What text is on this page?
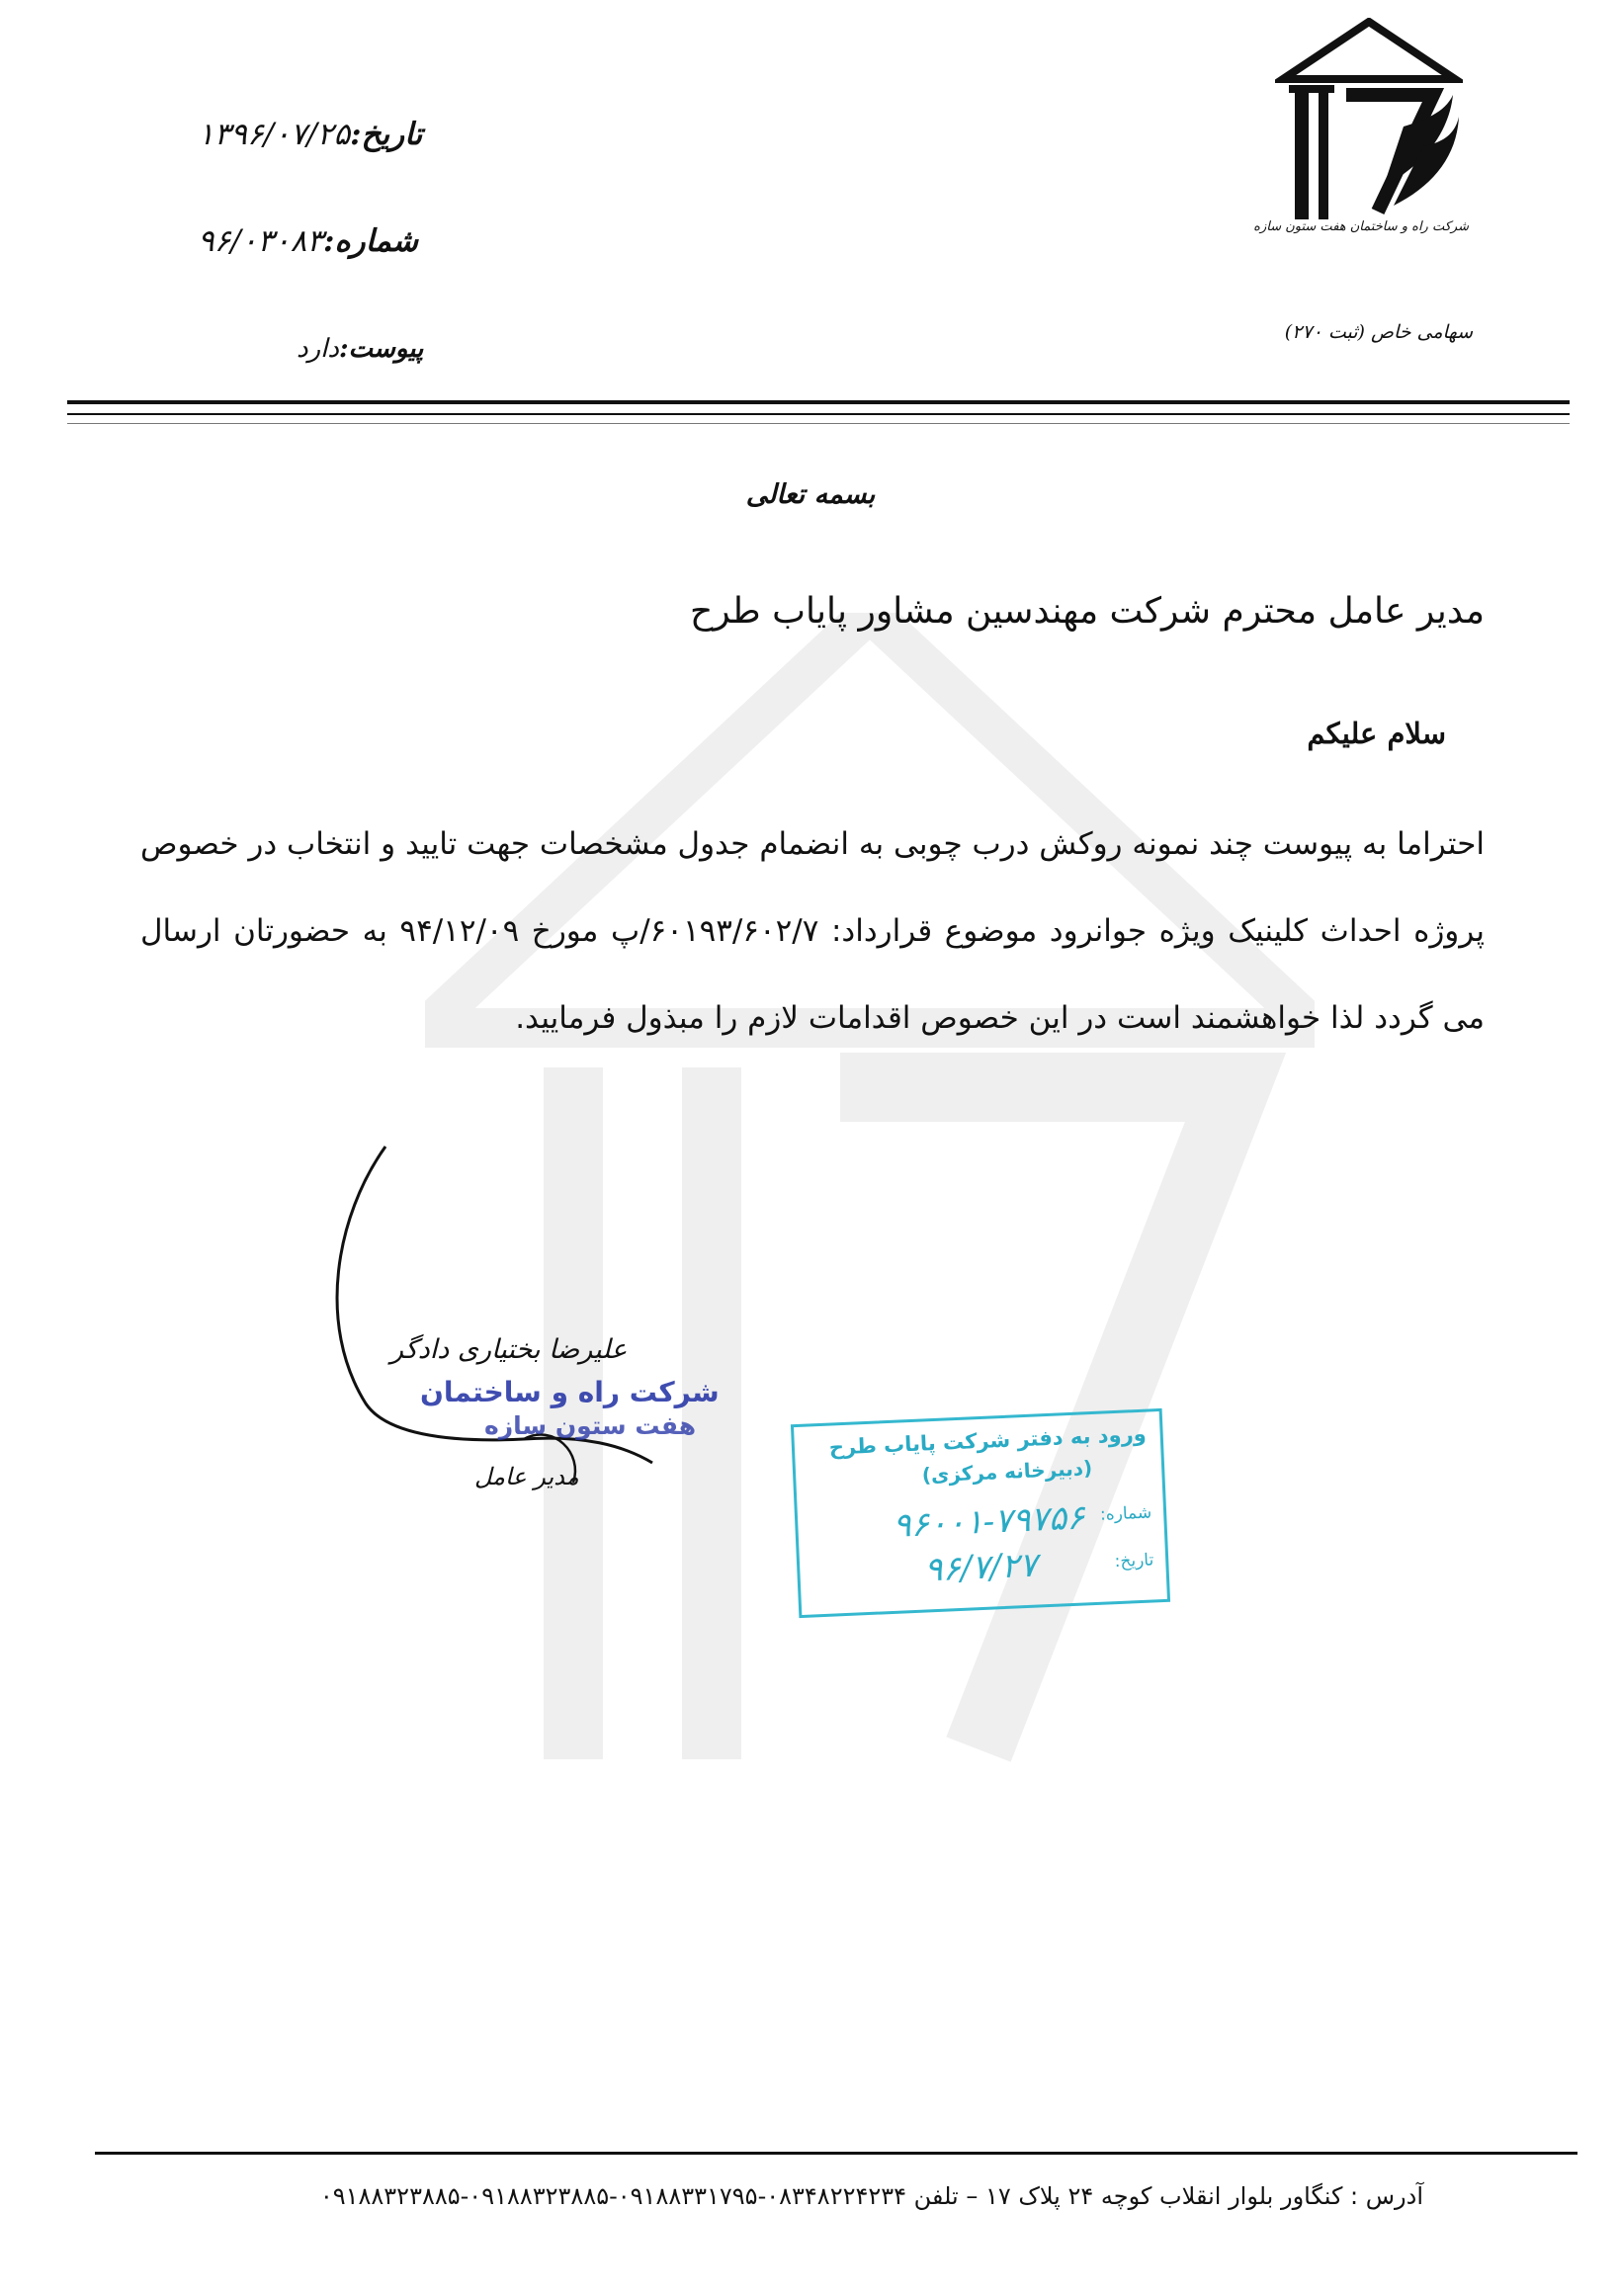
تاریخ:۱۳۹۶/۰۷/۲۵
شماره:۹۶/۰۳۰۸۳
پیوست:دارد
شرکت راه و ساختمان هفت ستون سازه
سهامی خاص (ثبت ۲۷۰)
بسمه تعالی
مدیر عامل محترم شرکت مهندسین مشاور پایاب طرح
سلام علیکم
احتراما به پیوست چند نمونه روکش درب چوبی به انضمام جدول مشخصات جهت تایید و انتخاب در خصوص پروژه احداث کلینیک ویژه جوانرود موضوع قرارداد: ۶۰۱۹۳/۶۰۲/۷/پ مورخ ۹۴/۱۲/۰۹ به حضورتان ارسال می گردد لذا خواهشمند است در این خصوص اقدامات لازم را مبذول فرمایید.
علیرضا بختیاری دادگر
شرکت راه و ساختمان
هفت ستون سازه
مدیر عامل
ورود به دفتر شرکت پایاب طرح
(دبیرخانه مرکزی)
شماره:
۹۶۰۰۱-۷۹۷۵۶
تاریخ:
۹۶/۷/۲۷
آدرس : کنگاور بلوار انقلاب کوچه ۲۴ پلاک ۱۷ – تلفن ۰۸۳۴۸۲۲۴۲۳۴-۰۹۱۸۸۳۳۱۷۹۵-۰۹۱۸۸۳۲۳۸۸۵-۰۹۱۸۸۳۲۳۸۸۵
